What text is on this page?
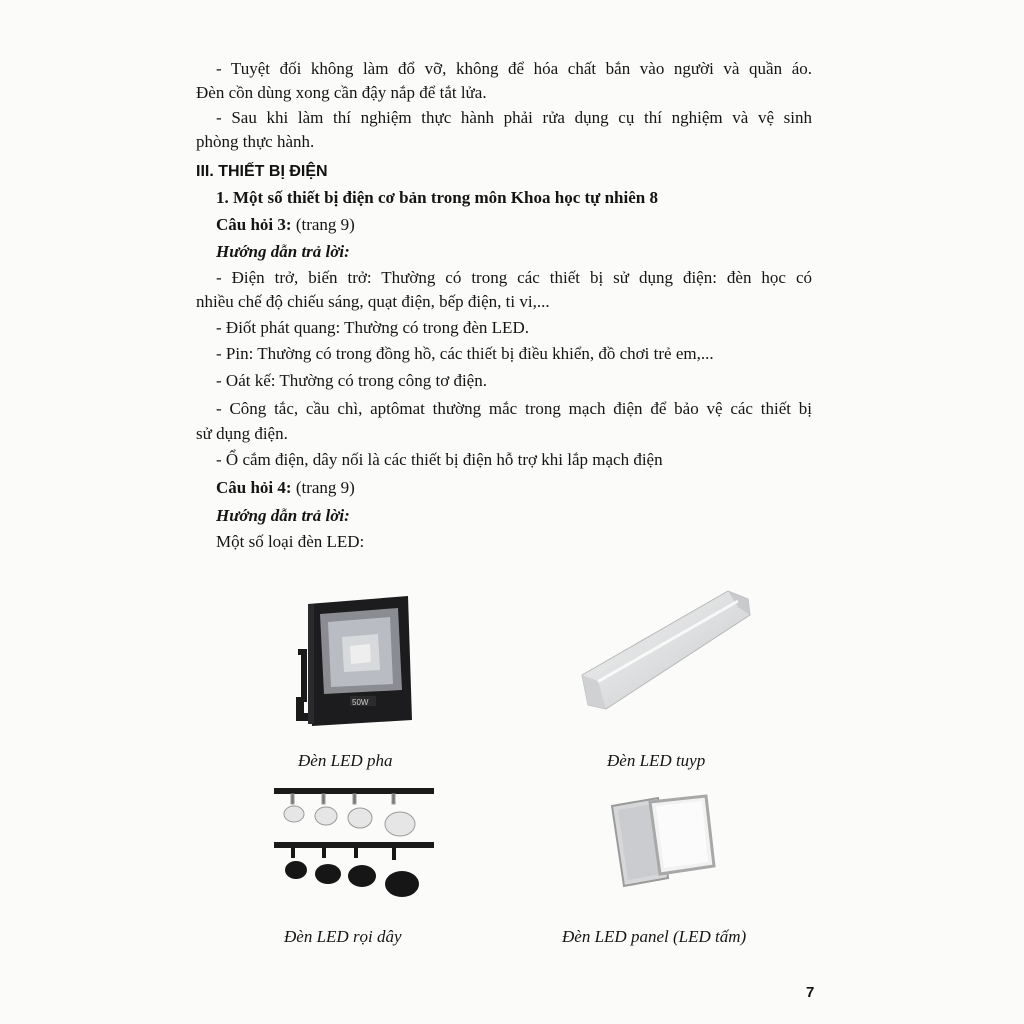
- Tuyệt đối không làm đổ vỡ, không để hóa chất bắn vào người và quần áo.
Đèn cồn dùng xong cần đậy nắp để tắt lửa.
- Sau khi làm thí nghiệm thực hành phải rửa dụng cụ thí nghiệm và vệ sinh
phòng thực hành.
III. THIẾT BỊ ĐIỆN
1. Một số thiết bị điện cơ bản trong môn Khoa học tự nhiên 8
Câu hỏi 3: (trang 9)
Hướng dẫn trả lời:
- Điện trở, biến trở: Thường có trong các thiết bị sử dụng điện: đèn học có
nhiều chế độ chiếu sáng, quạt điện, bếp điện, ti vi,...
- Điốt phát quang: Thường có trong đèn LED.
- Pin: Thường có trong đồng hồ, các thiết bị điều khiển, đồ chơi trẻ em,...
- Oát kế: Thường có trong công tơ điện.
- Công tắc, cầu chì, aptômat thường mắc trong mạch điện để bảo vệ các thiết bị
sử dụng điện.
- Ổ cắm điện, dây nối là các thiết bị điện hỗ trợ khi lắp mạch điện
Câu hỏi 4: (trang 9)
Hướng dẫn trả lời:
Một số loại đèn LED:
50W
Đèn LED pha	Đèn LED tuyp
Đèn LED rọi dây	Đèn LED panel (LED tấm)
7
